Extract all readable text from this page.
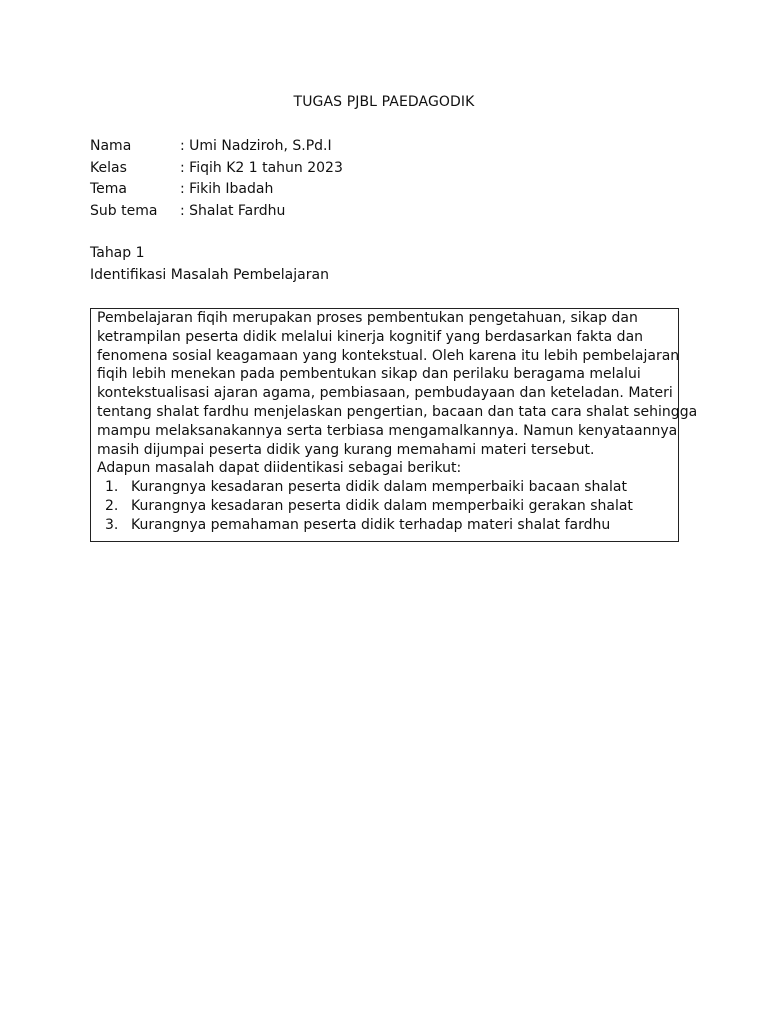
TUGAS PJBL PAEDAGODIK
Nama	: Umi Nadziroh, S.Pd.I
Kelas	: Fiqih K2 1 tahun 2023
Tema	: Fikih Ibadah
Sub tema	: Shalat Fardhu
Tahap 1
Identifikasi Masalah Pembelajaran

Pembelajaran fiqih merupakan proses pembentukan pengetahuan, sikap dan
ketrampilan peserta didik melalui kinerja kognitif yang berdasarkan fakta dan
fenomena sosial keagamaan yang kontekstual. Oleh karena itu lebih pembelajaran
fiqih lebih menekan pada pembentukan sikap dan perilaku beragama melalui
kontekstualisasi ajaran agama, pembiasaan, pembudayaan dan keteladan. Materi
tentang shalat fardhu menjelaskan pengertian, bacaan dan tata cara shalat sehingga
mampu melaksanakannya serta terbiasa mengamalkannya. Namun kenyataannya
masih dijumpai peserta didik yang kurang memahami materi tersebut.
Adapun masalah dapat diidentikasi sebagai berikut:

1. Kurangnya kesadaran peserta didik dalam memperbaiki bacaan shalat
2. Kurangnya kesadaran peserta didik dalam memperbaiki gerakan shalat
3. Kurangnya pemahaman peserta didik terhadap materi shalat fardhu
